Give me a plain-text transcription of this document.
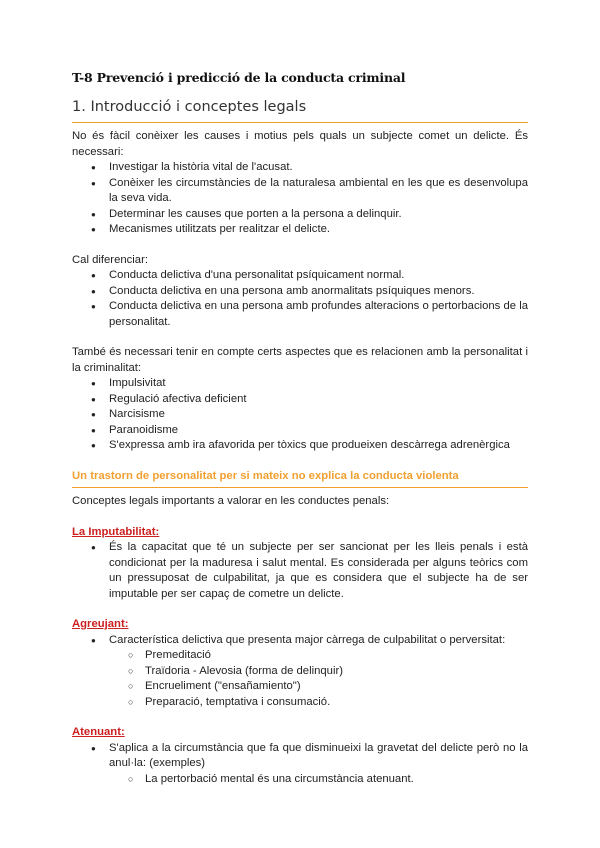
T-8 Prevenció i predicció de la conducta criminal
1. Introducció i conceptes legals

No és fàcil conèixer les causes i motius pels quals un subjecte comet un delicte. És necessari:

● Investigar la història vital de l'acusat.
● Conèixer les circumstàncies de la naturalesa ambiental en les que es desenvolupa la seva vida.
● Determinar les causes que porten a la persona a delinquir.
● Mecanismes utilitzats per realitzar el delicte.

Cal diferenciar:

● Conducta delictiva d'una personalitat psíquicament normal.
● Conducta delictiva en una persona amb anormalitats psíquiques menors.
● Conducta delictiva en una persona amb profundes alteracions o pertorbacions de la personalitat.

També és necessari tenir en compte certs aspectes que es relacionen amb la personalitat i la criminalitat:

● Impulsivitat
● Regulació afectiva deficient
● Narcisisme
● Paranoidisme
● S'expressa amb ira afavorida per tòxics que produeixen descàrrega adrenèrgica
Un trastorn de personalitat per si mateix no explica la conducta violenta

Conceptes legals importants a valorar en les conductes penals:

La Imputabilitat:
● És la capacitat que té un subjecte per ser sancionat per les lleis penals i està condicionat per la maduresa i salut mental. Es considerada per alguns teòrics com un pressuposat de culpabilitat, ja que es considera que el subjecte ha de ser imputable per ser capaç de cometre un delicte.
Agreujant:
● Característica delictiva que presenta major càrrega de culpabilitat o perversitat:
○ Premeditació
○ Traïdoria - Alevosia (forma de delinquir)
○ Encrueliment ("ensañamiento")
○ Preparació, temptativa i consumació.
Atenuant:
● S'aplica a la circumstància que fa que disminueixi la gravetat del delicte però no la anul·la: (exemples)
○ La pertorbació mental és una circumstància atenuant.
